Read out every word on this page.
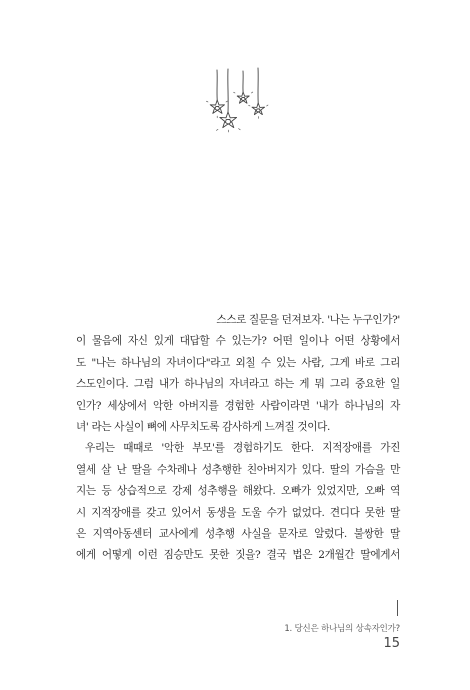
스스로 질문을 던져보자. '나는 누구인가?'

이 물음에 자신 있게 대답할 수 있는가? 어떤 일이나 어떤 상황에서
도 "나는 하나님의 자녀이다"라고 외칠 수 있는 사람, 그게 바로 그리
스도인이다. 그럼 내가 하나님의 자녀라고 하는 게 뭐 그리 중요한 일
인가? 세상에서 악한 아버지를 경험한 사람이라면 '내가 하나님의 자

녀' 라는 사실이 뼈에 사무치도록 감사하게 느껴질 것이다.

우리는 때때로 '악한 부모'를 경험하기도 한다. 지적장애를 가진
열세 살 난 딸을 수차례나 성추행한 친아버지가 있다. 딸의 가슴을 만
지는 등 상습적으로 강제 성추행을 해왔다. 오빠가 있었지만, 오빠 역
시 지적장애를 갖고 있어서 동생을 도울 수가 없었다. 견디다 못한 딸
은 지역아동센터 교사에게 성추행 사실을 문자로 알렸다. 불쌍한 딸
에게 어떻게 이런 짐승만도 못한 짓을? 결국 법은 2개월간 딸에게서

1. 당신은 하나님의 상속자인가?
15
